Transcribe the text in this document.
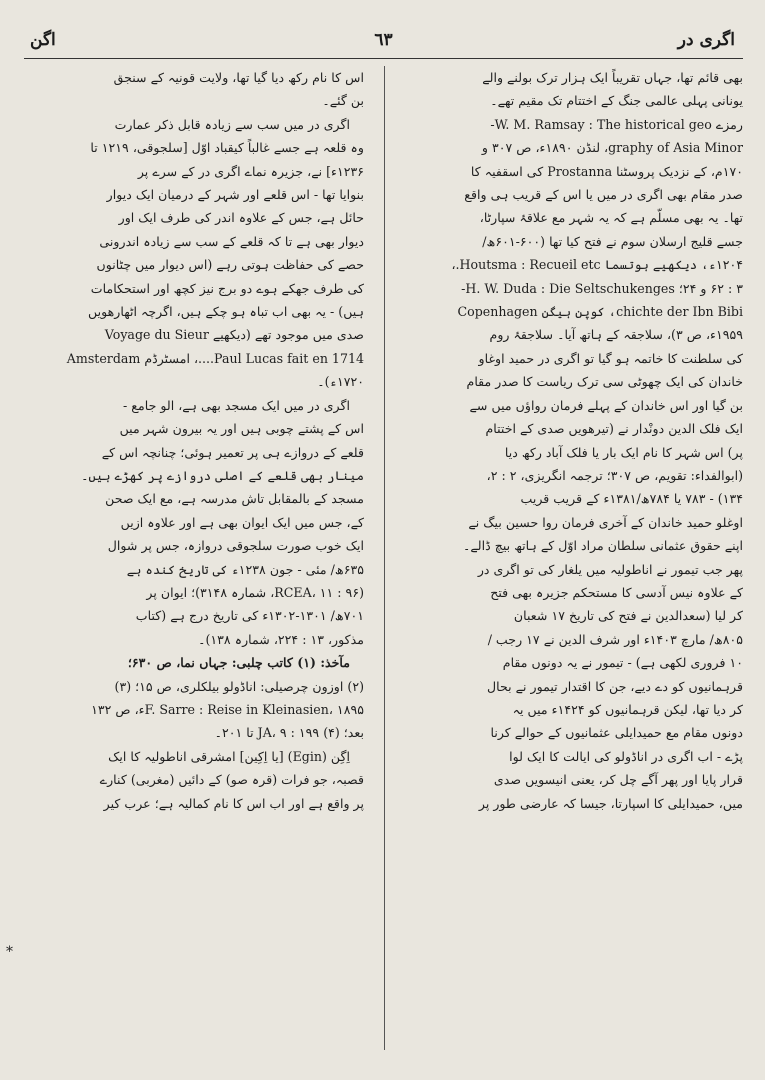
اگری در
٦٣
اگن

بھی قائم تھا، جہاں تقریباً ایک ہزار ترک بولنے والے

یونانی پہلی عالمی جنگ کے اختتام تک مقیم تھے۔

رمزے W. M. Ramsay : The historical geo-

graphy of Asia Minor، لنڈن ۱۸۹۰ء، ص ۳۰۷ و

۱۷۰م، کے نزدیک پروسٹنا Prostanna کی اسقفیہ کا

صدر مقام بھی اگری در میں یا اس کے قریب ہی واقع

تھا۔ یہ بھی مسلّم ہے کہ یہ شہر مع علاقۂ سپارٹا،

جسے قلیج ارسلان سوم نے فتح کیا تھا (۶۰۰-۶۰۱ھ/

۱۲۰۴ء، دیکھیے ہوتسما Houtsma : Recueil etc.،

۳ : ۶۲ و ۲۴؛ H. W. Duda : Die Seltschukenges-

chichte der Ibn Bibi، کوپن ہیگن Copenhagen

۱۹۵۹ء، ص ۳)، سلاجقہ کے ہاتھ آیا۔ سلاجقۂ روم

کی سلطنت کا خاتمہ ہو گیا تو اگری در حمید اوغاو

خاندان کی ایک چھوٹی سی ترک ریاست کا صدر مقام

بن گیا اور اس خاندان کے پہلے فرمان رواؤں میں سے

ایک فلک الدین دونْدار نے (تیرھویں صدی کے اختتام

پر) اس شہر کا نام ایک بار یا فلک آباد رکھ دیا

(ابوالفداء: تقویم، ص ۳۰۷؛ ترجمہ انگریزی، ۲ : ۲،

۱۳۴) - ۷۸۳ یا ۷۸۴ھ/۱۳۸۱ء کے قریب قریب

اوغلو حمید خاندان کے آخری فرمان روا حسین بیگ نے

اپنے حقوق عثمانی سلطان مراد اوّل کے ہاتھ بیچ ڈالے۔

پھر جب تیمور نے اناطولیہ میں یلغار کی تو اگری در

کے علاوہ نیس آدسی کا مستحکم جزیرہ بھی فتح

کر لیا (سعدالدین نے فتح کی تاریخ ۱۷ شعبان

۸۰۵ھ/ مارچ ۱۴۰۳ء اور شرف الدین نے ۱۷ رجب /

۱۰ فروری لکھی ہے) - تیمور نے یہ دونوں مقام

قرہمانیوں کو دے دیے، جن کا اقتدار تیمور نے بحال

کر دیا تھا، لیکن قرہمانیوں کو ۱۴۲۴ء میں یہ

دونوں مقام مع حمیدایلی عثمانیوں کے حوالے کرنا

پڑے - اب اگری در اناڈولو کی ایالت کا ایک لوا

قرار پایا اور پھر آگے چل کر، یعنی انیسویں صدی

میں، حمیدایلی کا اسپارتا، جیسا کہ عارضی طور پر

اس کا نام رکھ دیا گیا تھا، ولایت قونیہ کے سنجق

بن گئے۔

اگری در میں سب سے زیادہ قابل ذکر عمارت

وہ قلعہ ہے جسے غالباً کیقباد اوّل [سلجوقی، ۱۲۱۹ تا

۱۲۳۶ء] نے، جزیرہ نماے اگری در کے سرے پر

بنوایا تھا - اس قلعے اور شہر کے درمیان ایک دیوار

حائل ہے، جس کے علاوہ اندر کی طرف ایک اور

دیوار بھی ہے تا کہ قلعے کے سب سے زیادہ اندرونی

حصے کی حفاظت ہوتی رہے (اس دیوار میں چٹانوں

کی طرف جھکے ہوے دو برج نیز کچھ اور استحکامات

ہیں) - یہ بھی اب تباہ ہو چکے ہیں، اگرچہ اٹھارھویں

صدی میں موجود تھے (دیکھیے Voyage du Sieur

Paul Lucas fait en 1714....، امسٹرڈم Amsterdam

۱۷۲۰ء)۔

اگری در میں ایک مسجد بھی ہے، الو جامع -

اس کے پشتے چوبی ہیں اور یہ بیرون شہر میں

قلعے کے دروازے ہی پر تعمیر ہوئی؛ چنانچہ اس کے

مینار بھی قلعے کے اصلی دروازے پر کھڑے ہیں۔

مسجد کے بالمقابل تاش مدرسہ ہے، مع ایک صحن

کے، جس میں ایک ایوان بھی ہے اور علاوہ ازیں

ایک خوب صورت سلجوقی دروازہ، جس پر شوال

۶۳۵ھ/ مئی - جون ۱۲۳۸ء کی تاریخ کندہ ہے

(RCEA، ۱۱ : ۹۶، شمارہ ۳۱۴۸)؛ ایوان پر

۷۰۱ھ/ ۱۳۰۱-۱۳۰۲ء کی تاریخ درج ہے (کتاب

مذکور، ۱۳ : ۲۲۴، شمارہ ۱۳۸)۔

مآخذ: (۱) کاتب چلبی: جہاں نما، ص ۶۳۰؛

(۲) اوزون چرصیلی: اناڈولو بیلکلری، ص ۱۵؛ (۳)

F. Sarre : Reise in Kleinasien، ۱۸۹۵ء، ص ۱۳۲

بعد؛ (۴) JA، ۹ : ۱۹۹ تا ۲۰۱۔

اِگِن (Egin) [یا اِکِین] امشرقی اناطولیہ کا ایک

قصبہ، جو فرات (قرہ صو) کے دائیں (مغربی) کنارے

پر واقع ہے اور اب اس کا نام کمالیہ ہے؛ عرب کیر

*
